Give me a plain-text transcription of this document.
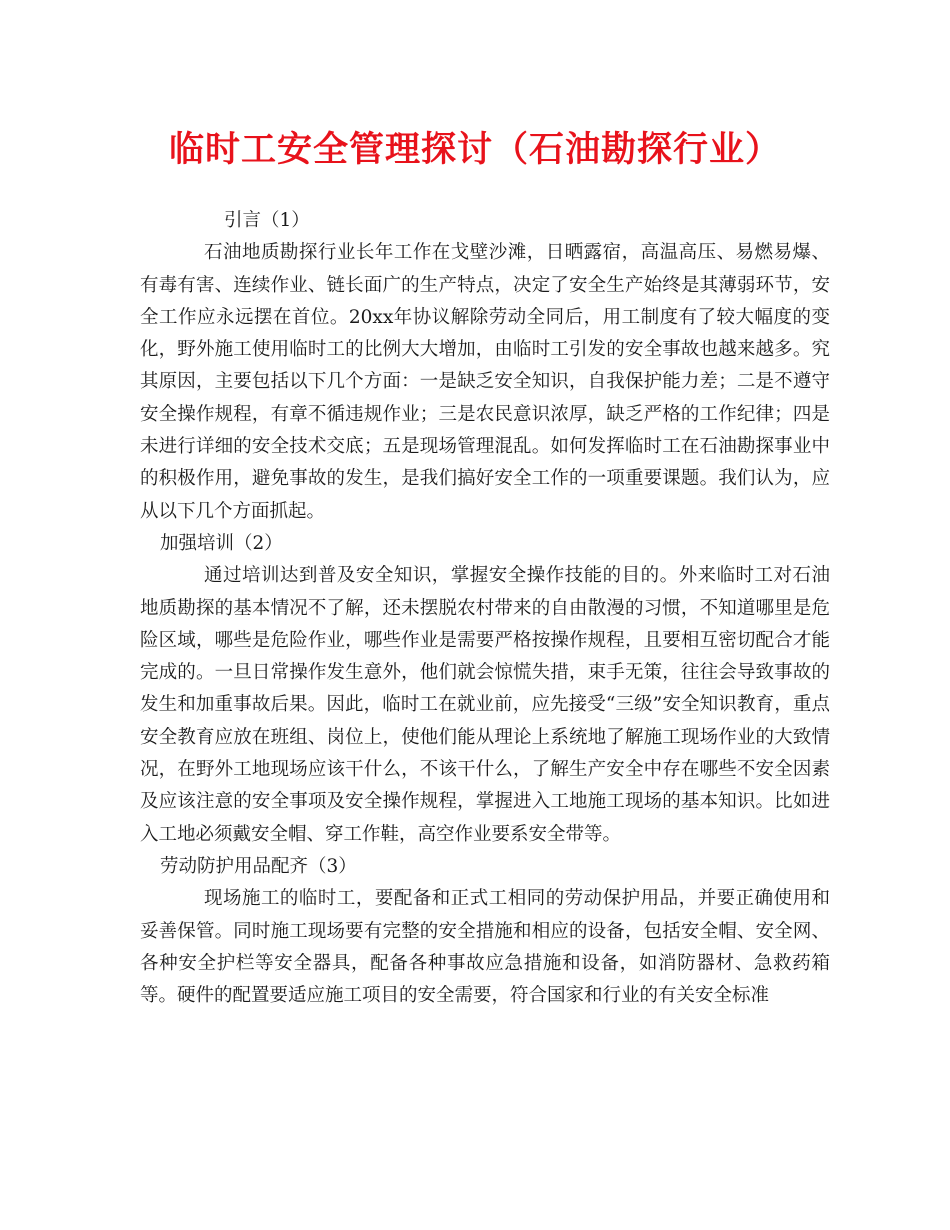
临时工安全管理探讨（石油勘探行业）

引言（1）

石油地质勘探行业长年工作在戈壁沙滩，日晒露宿，高温高压、易燃易爆、有毒有害、连续作业、链长面广的生产特点，决定了安全生产始终是其薄弱环节，安全工作应永远摆在首位。20xx年协议解除劳动全同后，用工制度有了较大幅度的变化，野外施工使用临时工的比例大大增加，由临时工引发的安全事故也越来越多。究其原因，主要包括以下几个方面：一是缺乏安全知识，自我保护能力差；二是不遵守安全操作规程，有章不循违规作业；三是农民意识浓厚，缺乏严格的工作纪律；四是未进行详细的安全技术交底；五是现场管理混乱。如何发挥临时工在石油勘探事业中的积极作用，避免事故的发生，是我们搞好安全工作的一项重要课题。我们认为，应从以下几个方面抓起。

加强培训（2）

通过培训达到普及安全知识，掌握安全操作技能的目的。外来临时工对石油地质勘探的基本情况不了解，还未摆脱农村带来的自由散漫的习惯，不知道哪里是危险区域，哪些是危险作业，哪些作业是需要严格按操作规程，且要相互密切配合才能完成的。一旦日常操作发生意外，他们就会惊慌失措，束手无策，往往会导致事故的发生和加重事故后果。因此，临时工在就业前，应先接受“三级”安全知识教育，重点安全教育应放在班组、岗位上，使他们能从理论上系统地了解施工现场作业的大致情况，在野外工地现场应该干什么，不该干什么，了解生产安全中存在哪些不安全因素及应该注意的安全事项及安全操作规程，掌握进入工地施工现场的基本知识。比如进入工地必须戴安全帽、穿工作鞋，高空作业要系安全带等。

劳动防护用品配齐（3）

现场施工的临时工，要配备和正式工相同的劳动保护用品，并要正确使用和妥善保管。同时施工现场要有完整的安全措施和相应的设备，包括安全帽、安全网、各种安全护栏等安全器具，配备各种事故应急措施和设备，如消防器材、急救药箱等。硬件的配置要适应施工项目的安全需要，符合国家和行业的有关安全标准
